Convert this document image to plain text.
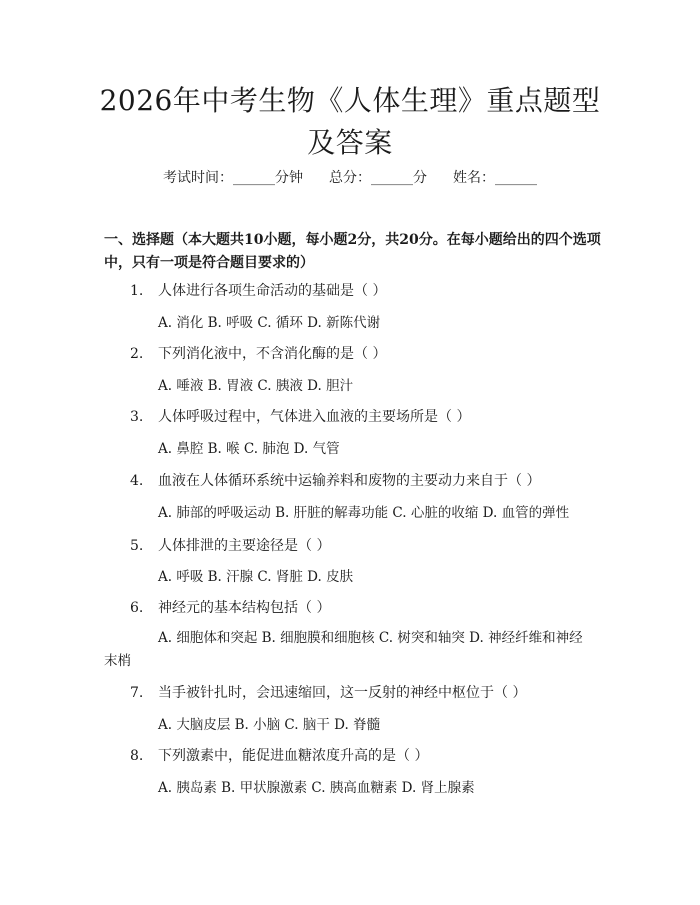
2026年中考生物《人体生理》重点题型及答案
考试时间：______分钟 总分：______分 姓名：______
一、选择题（本大题共10小题，每小题2分，共20分。在每小题给出的四个选项中，只有一项是符合题目要求的）
1. 人体进行各项生命活动的基础是（ ）
A. 消化 B. 呼吸 C. 循环 D. 新陈代谢
2. 下列消化液中，不含消化酶的是（ ）
A. 唾液 B. 胃液 C. 胰液 D. 胆汁
3. 人体呼吸过程中，气体进入血液的主要场所是（ ）
A. 鼻腔 B. 喉 C. 肺泡 D. 气管
4. 血液在人体循环系统中运输养料和废物的主要动力来自于（ ）
A. 肺部的呼吸运动 B. 肝脏的解毒功能 C. 心脏的收缩 D. 血管的弹性
5. 人体排泄的主要途径是（ ）
A. 呼吸 B. 汗腺 C. 肾脏 D. 皮肤
6. 神经元的基本结构包括（ ）
A. 细胞体和突起 B. 细胞膜和细胞核 C. 树突和轴突 D. 神经纤维和神经末梢
7. 当手被针扎时，会迅速缩回，这一反射的神经中枢位于（ ）
A. 大脑皮层 B. 小脑 C. 脑干 D. 脊髓
8. 下列激素中，能促进血糖浓度升高的是（ ）
A. 胰岛素 B. 甲状腺激素 C. 胰高血糖素 D. 肾上腺素
